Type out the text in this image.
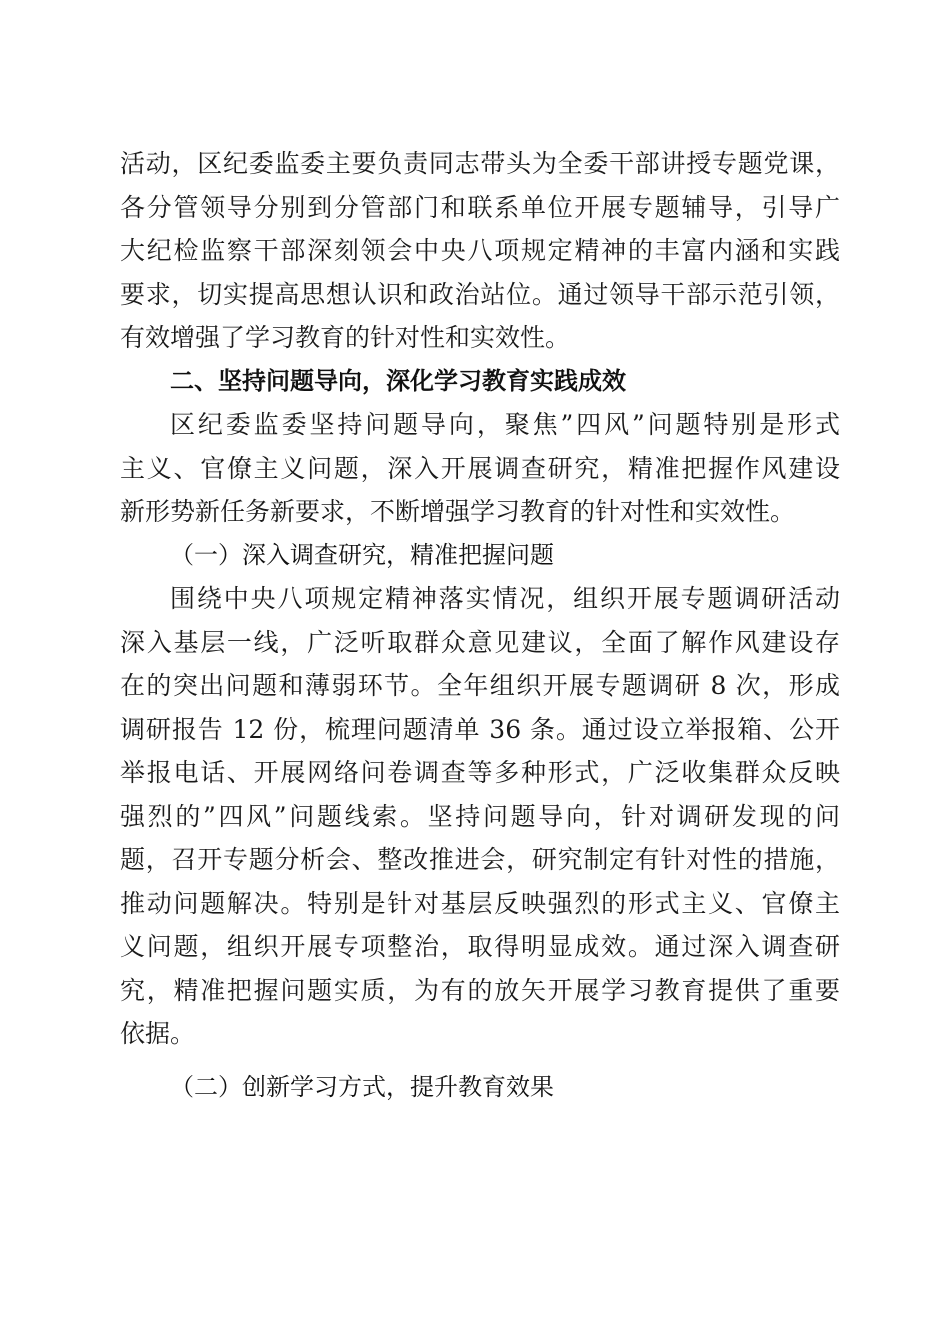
活动，区纪委监委主要负责同志带头为全委干部讲授专题党课，
各分管领导分别到分管部门和联系单位开展专题辅导，引导广
大纪检监察干部深刻领会中央八项规定精神的丰富内涵和实践
要求，切实提高思想认识和政治站位。通过领导干部示范引领，
有效增强了学习教育的针对性和实效性。
二、坚持问题导向，深化学习教育实践成效
区纪委监委坚持问题导向，聚焦”四风”问题特别是形式
主义、官僚主义问题，深入开展调查研究，精准把握作风建设
新形势新任务新要求，不断增强学习教育的针对性和实效性。
（一）深入调查研究，精准把握问题
围绕中央八项规定精神落实情况，组织开展专题调研活动
深入基层一线，广泛听取群众意见建议，全面了解作风建设存
在的突出问题和薄弱环节。全年组织开展专题调研 8 次，形成
调研报告 12 份，梳理问题清单 36 条。通过设立举报箱、公开
举报电话、开展网络问卷调查等多种形式，广泛收集群众反映
强烈的”四风”问题线索。坚持问题导向，针对调研发现的问
题，召开专题分析会、整改推进会，研究制定有针对性的措施，
推动问题解决。特别是针对基层反映强烈的形式主义、官僚主
义问题，组织开展专项整治，取得明显成效。通过深入调查研
究，精准把握问题实质，为有的放矢开展学习教育提供了重要
依据。
（二）创新学习方式，提升教育效果
